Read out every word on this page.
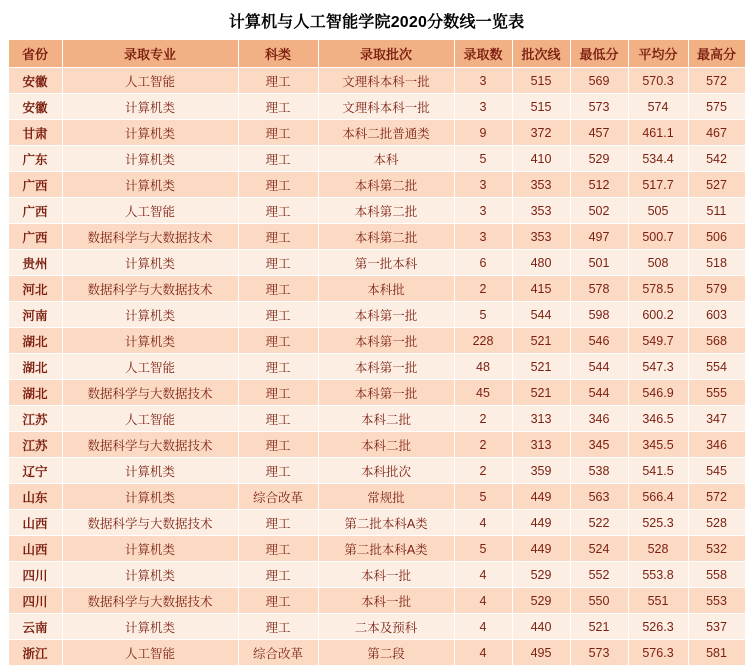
计算机与人工智能学院2020分数线一览表
省份	录取专业	科类	录取批次	录取数	批次线	最低分	平均分	最高分
安徽	人工智能	理工	文理科本科一批	3	515	569	570.3	572
安徽	计算机类	理工	文理科本科一批	3	515	573	574	575
甘肃	计算机类	理工	本科二批普通类	9	372	457	461.1	467
广东	计算机类	理工	本科	5	410	529	534.4	542
广西	计算机类	理工	本科第二批	3	353	512	517.7	527
广西	人工智能	理工	本科第二批	3	353	502	505	511
广西	数据科学与大数据技术	理工	本科第二批	3	353	497	500.7	506
贵州	计算机类	理工	第一批本科	6	480	501	508	518
河北	数据科学与大数据技术	理工	本科批	2	415	578	578.5	579
河南	计算机类	理工	本科第一批	5	544	598	600.2	603
湖北	计算机类	理工	本科第一批	228	521	546	549.7	568
湖北	人工智能	理工	本科第一批	48	521	544	547.3	554
湖北	数据科学与大数据技术	理工	本科第一批	45	521	544	546.9	555
江苏	人工智能	理工	本科二批	2	313	346	346.5	347
江苏	数据科学与大数据技术	理工	本科二批	2	313	345	345.5	346
辽宁	计算机类	理工	本科批次	2	359	538	541.5	545
山东	计算机类	综合改革	常规批	5	449	563	566.4	572
山西	数据科学与大数据技术	理工	第二批本科A类	4	449	522	525.3	528
山西	计算机类	理工	第二批本科A类	5	449	524	528	532
四川	计算机类	理工	本科一批	4	529	552	553.8	558
四川	数据科学与大数据技术	理工	本科一批	4	529	550	551	553
云南	计算机类	理工	二本及预科	4	440	521	526.3	537
浙江	人工智能	综合改革	第二段	4	495	573	576.3	581
